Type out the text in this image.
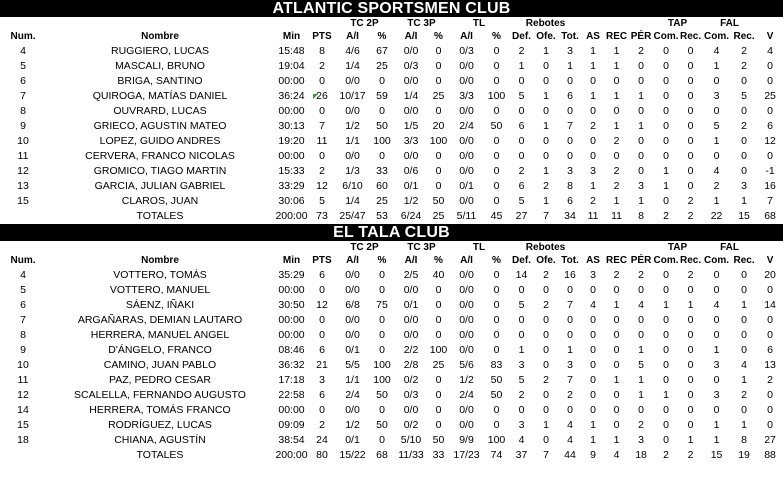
ATLANTIC SPORTSMEN CLUB
				TC 2P		TC 3P		TL		Rebotes						TAP		FAL		
Num.	Nombre	Min	PTS	A/I	%	A/I	%	A/I	%	Def.	Ofe.	Tot.	AS	REC	PÉR	Com.	Rec.	Com.	Rec.	V
4	RUGGIERO, LUCAS	15:48	8	4/6	67	0/0	0	0/3	0	2	1	3	1	1	2	0	0	4	2	4
5	MASCALI, BRUNO	19:04	2	1/4	25	0/3	0	0/0	0	1	0	1	1	1	0	0	0	1	2	0
6	BRIGA, SANTINO	00:00	0	0/0	0	0/0	0	0/0	0	0	0	0	0	0	0	0	0	0	0	0
7	QUIROGA, MATÍAS DANIEL	36:24	26	10/17	59	1/4	25	3/3	100	5	1	6	1	1	1	0	0	3	5	25
8	OUVRARD, LUCAS	00:00	0	0/0	0	0/0	0	0/0	0	0	0	0	0	0	0	0	0	0	0	0
9	GRIECO, AGUSTIN MATEO	30:13	7	1/2	50	1/5	20	2/4	50	6	1	7	2	1	1	0	0	5	2	6
10	LOPEZ, GUIDO ANDRES	19:20	11	1/1	100	3/3	100	0/0	0	0	0	0	0	2	0	0	0	1	0	12
11	CERVERA, FRANCO NICOLAS	00:00	0	0/0	0	0/0	0	0/0	0	0	0	0	0	0	0	0	0	0	0	0
12	GROMICO, TIAGO MARTIN	15:33	2	1/3	33	0/6	0	0/0	0	2	1	3	3	2	0	1	0	4	0	-1
13	GARCIA, JULIAN GABRIEL	33:29	12	6/10	60	0/1	0	0/1	0	6	2	8	1	2	3	1	0	2	3	16
15	CLAROS, JUAN	30:06	5	1/4	25	1/2	50	0/0	0	5	1	6	2	1	1	0	2	1	1	7
	TOTALES	200:00	73	25/47	53	6/24	25	5/11	45	27	7	34	11	11	8	2	2	22	15	68
EL TALA CLUB
				TC 2P		TC 3P		TL		Rebotes						TAP		FAL		
Num.	Nombre	Min	PTS	A/I	%	A/I	%	A/I	%	Def.	Ofe.	Tot.	AS	REC	PÉR	Com.	Rec.	Com.	Rec.	V
4	VOTTERO, TOMÁS	35:29	6	0/0	0	2/5	40	0/0	0	14	2	16	3	2	2	0	2	0	0	20
5	VOTTERO, MANUEL	00:00	0	0/0	0	0/0	0	0/0	0	0	0	0	0	0	0	0	0	0	0	0
6	SÁENZ, IÑAKI	30:50	12	6/8	75	0/1	0	0/0	0	5	2	7	4	1	4	1	1	4	1	14
7	ARGAÑARAS, DEMIAN LAUTARO	00:00	0	0/0	0	0/0	0	0/0	0	0	0	0	0	0	0	0	0	0	0	0
8	HERRERA, MANUEL ANGEL	00:00	0	0/0	0	0/0	0	0/0	0	0	0	0	0	0	0	0	0	0	0	0
9	D'ÁNGELO, FRANCO	08:46	6	0/1	0	2/2	100	0/0	0	1	0	1	0	0	1	0	0	1	0	6
10	CAMINO, JUAN PABLO	36:32	21	5/5	100	2/8	25	5/6	83	3	0	3	0	0	5	0	0	3	4	13
11	PAZ, PEDRO CESAR	17:18	3	1/1	100	0/2	0	1/2	50	5	2	7	0	1	1	0	0	0	1	2
12	SCALELLA, FERNANDO AUGUSTO	22:58	6	2/4	50	0/3	0	2/4	50	2	0	2	0	0	1	1	0	3	2	0
14	HERRERA, TOMÁS FRANCO	00:00	0	0/0	0	0/0	0	0/0	0	0	0	0	0	0	0	0	0	0	0	0
15	RODRÍGUEZ, LUCAS	09:09	2	1/2	50	0/2	0	0/0	0	3	1	4	1	0	2	0	0	1	1	0
18	CHIANA, AGUSTÍN	38:54	24	0/1	0	5/10	50	9/9	100	4	0	4	1	1	3	0	1	1	8	27
	TOTALES	200:00	80	15/22	68	11/33	33	17/23	74	37	7	44	9	4	18	2	2	15	19	88
